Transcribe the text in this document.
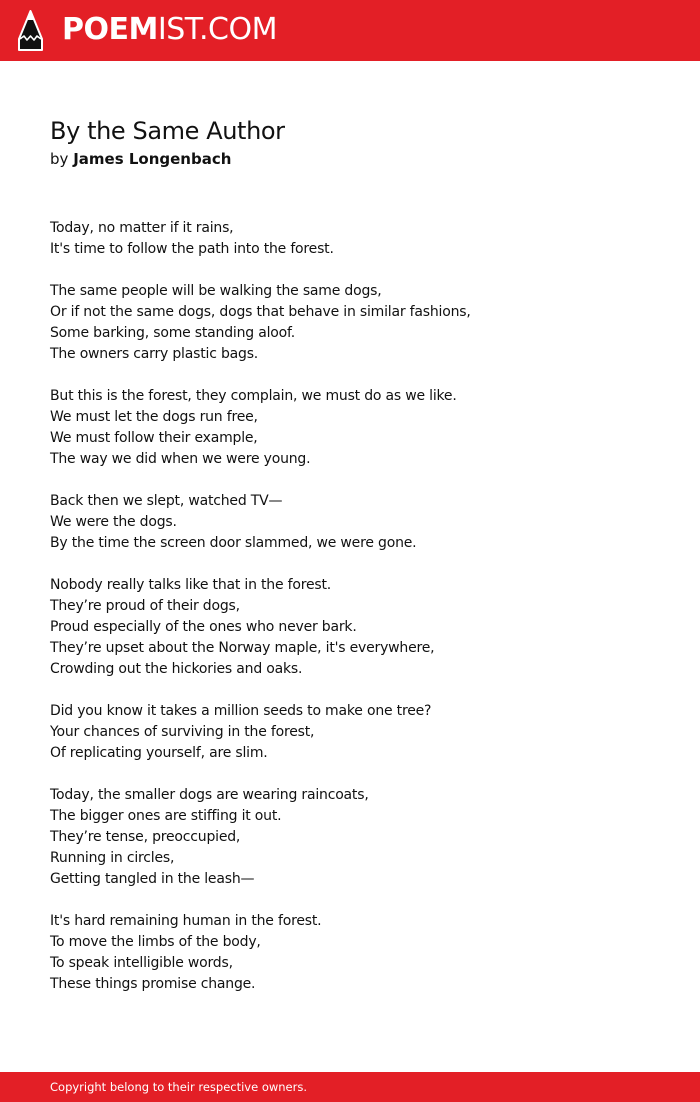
POEMIST.COM
By the Same Author
by James Longenbach
Today, no matter if it rains,
It's time to follow the path into the forest.
The same people will be walking the same dogs,
Or if not the same dogs, dogs that behave in similar fashions,
Some barking, some standing aloof.
The owners carry plastic bags.
But this is the forest, they complain, we must do as we like.
We must let the dogs run free,
We must follow their example,
The way we did when we were young.
Back then we slept, watched TV—
We were the dogs.
By the time the screen door slammed, we were gone.
Nobody really talks like that in the forest.
They’re proud of their dogs,
Proud especially of the ones who never bark.
They’re upset about the Norway maple, it's everywhere,
Crowding out the hickories and oaks.
Did you know it takes a million seeds to make one tree?
Your chances of surviving in the forest,
Of replicating yourself, are slim.
Today, the smaller dogs are wearing raincoats,
The bigger ones are stiffing it out.
They’re tense, preoccupied,
Running in circles,
Getting tangled in the leash—
It's hard remaining human in the forest.
To move the limbs of the body,
To speak intelligible words,
These things promise change.
Copyright belong to their respective owners.
